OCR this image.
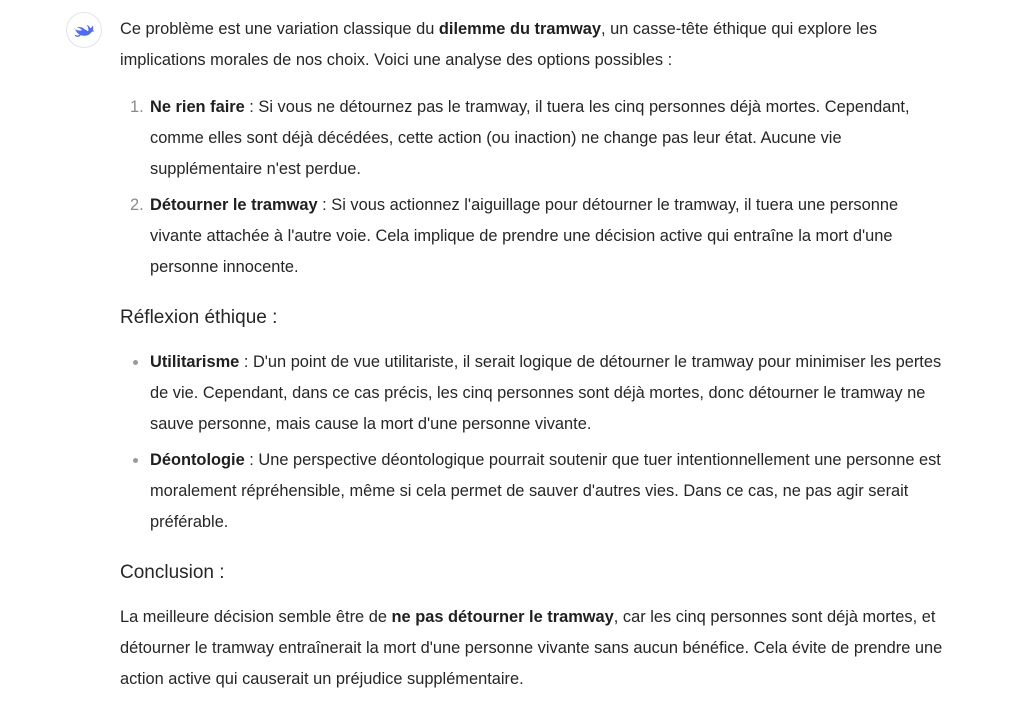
Ce problème est une variation classique du dilemme du tramway, un casse-tête éthique qui explore les implications morales de nos choix. Voici une analyse des options possibles :

1. Ne rien faire : Si vous ne détournez pas le tramway, il tuera les cinq personnes déjà mortes. Cependant, comme elles sont déjà décédées, cette action (ou inaction) ne change pas leur état. Aucune vie supplémentaire n'est perdue.
2. Détourner le tramway : Si vous actionnez l'aiguillage pour détourner le tramway, il tuera une personne vivante attachée à l'autre voie. Cela implique de prendre une décision active qui entraîne la mort d'une personne innocente.
Réflexion éthique :
Utilitarisme : D'un point de vue utilitariste, il serait logique de détourner le tramway pour minimiser les pertes de vie. Cependant, dans ce cas précis, les cinq personnes sont déjà mortes, donc détourner le tramway ne sauve personne, mais cause la mort d'une personne vivante.
Déontologie : Une perspective déontologique pourrait soutenir que tuer intentionnellement une personne est moralement répréhensible, même si cela permet de sauver d'autres vies. Dans ce cas, ne pas agir serait préférable.
Conclusion :

La meilleure décision semble être de ne pas détourner le tramway, car les cinq personnes sont déjà mortes, et détourner le tramway entraînerait la mort d'une personne vivante sans aucun bénéfice. Cela évite de prendre une action active qui causerait un préjudice supplémentaire.
